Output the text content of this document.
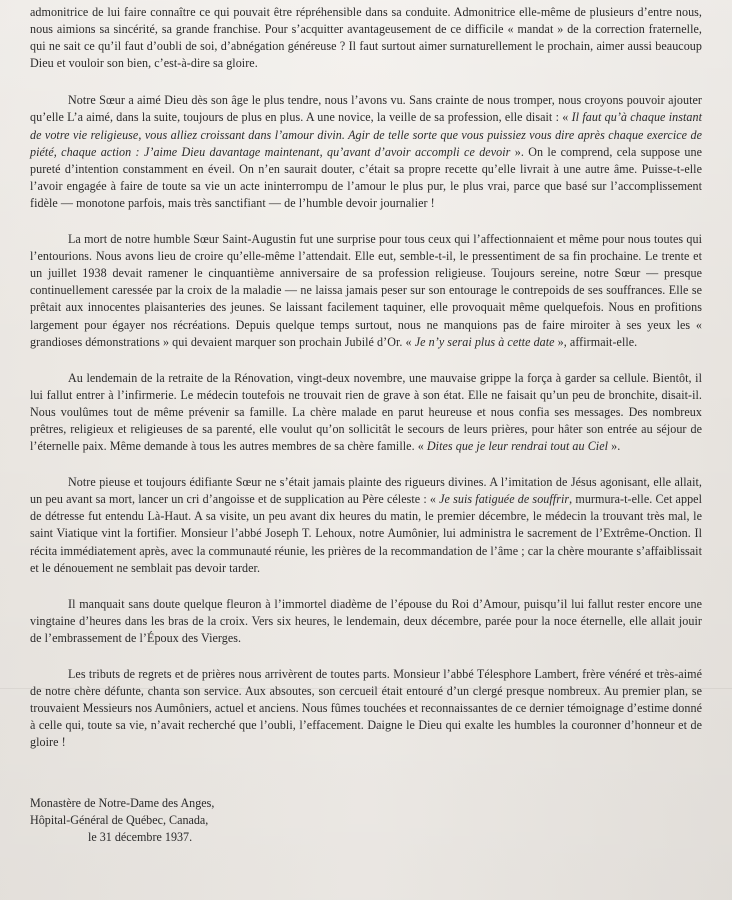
admonitrice de lui faire connaître ce qui pouvait être répréhensible dans sa conduite. Admonitrice elle-même de plusieurs d’entre nous, nous aimions sa sincérité, sa grande franchise. Pour s’acquitter avantageusement de ce difficile « mandat » de la correction fraternelle, qui ne sait ce qu’il faut d’oubli de soi, d’abnégation généreuse ? Il faut surtout aimer surnaturellement le prochain, aimer aussi beaucoup Dieu et vouloir son bien, c’est-à-dire sa gloire.

Notre Sœur a aimé Dieu dès son âge le plus tendre, nous l’avons vu. Sans crainte de nous tromper, nous croyons pouvoir ajouter qu’elle L’a aimé, dans la suite, toujours de plus en plus. A une novice, la veille de sa profession, elle disait : « Il faut qu’à chaque instant de votre vie religieuse, vous alliez croissant dans l’amour divin. Agir de telle sorte que vous puissiez vous dire après chaque exercice de piété, chaque action : J’aime Dieu davantage maintenant, qu’avant d’avoir accompli ce devoir ». On le comprend, cela suppose une pureté d’intention constamment en éveil. On n’en saurait douter, c’était sa propre recette qu’elle livrait à une autre âme. Puisse-t-elle l’avoir engagée à faire de toute sa vie un acte ininterrompu de l’amour le plus pur, le plus vrai, parce que basé sur l’accomplissement fidèle — monotone parfois, mais très sanctifiant — de l’humble devoir journalier !

La mort de notre humble Sœur Saint-Augustin fut une surprise pour tous ceux qui l’affectionnaient et même pour nous toutes qui l’entourions. Nous avons lieu de croire qu’elle-même l’attendait. Elle eut, semble-t-il, le pressentiment de sa fin prochaine. Le trente et un juillet 1938 devait ramener le cinquantième anniversaire de sa profession religieuse. Toujours sereine, notre Sœur — presque continuellement caressée par la croix de la maladie — ne laissa jamais peser sur son entourage le contrepoids de ses souffrances. Elle se prêtait aux innocentes plaisanteries des jeunes. Se laissant facilement taquiner, elle provoquait même quelquefois. Nous en profitions largement pour égayer nos récréations. Depuis quelque temps surtout, nous ne manquions pas de faire miroiter à ses yeux les « grandioses démonstrations » qui devaient marquer son prochain Jubilé d’Or. « Je n’y serai plus à cette date », affirmait-elle.

Au lendemain de la retraite de la Rénovation, vingt-deux novembre, une mauvaise grippe la força à garder sa cellule. Bientôt, il lui fallut entrer à l’infirmerie. Le médecin toutefois ne trouvait rien de grave à son état. Elle ne faisait qu’un peu de bronchite, disait-il. Nous voulûmes tout de même prévenir sa famille. La chère malade en parut heureuse et nous confia ses messages. Des nombreux prêtres, religieux et religieuses de sa parenté, elle voulut qu’on sollicitât le secours de leurs prières, pour hâter son entrée au séjour de l’éternelle paix. Même demande à tous les autres membres de sa chère famille. « Dites que je leur rendrai tout au Ciel ».

Notre pieuse et toujours édifiante Sœur ne s’était jamais plainte des rigueurs divines. A l’imitation de Jésus agonisant, elle allait, un peu avant sa mort, lancer un cri d’angoisse et de supplication au Père céleste : « Je suis fatiguée de souffrir, murmura-t-elle. Cet appel de détresse fut entendu Là-Haut. A sa visite, un peu avant dix heures du matin, le premier décembre, le médecin la trouvant très mal, le saint Viatique vint la fortifier. Monsieur l’abbé Joseph T. Lehoux, notre Aumônier, lui administra le sacrement de l’Extrême-Onction. Il récita immédiatement après, avec la communauté réunie, les prières de la recommandation de l’âme ; car la chère mourante s’affaiblissait et le dénouement ne semblait pas devoir tarder.

Il manquait sans doute quelque fleuron à l’immortel diadème de l’épouse du Roi d’Amour, puisqu’il lui fallut rester encore une vingtaine d’heures dans les bras de la croix. Vers six heures, le lendemain, deux décembre, parée pour la noce éternelle, elle allait jouir de l’embrassement de l’Époux des Vierges.

Les tributs de regrets et de prières nous arrivèrent de toutes parts. Monsieur l’abbé Télesphore Lambert, frère vénéré et très-aimé de notre chère défunte, chanta son service. Aux absoutes, son cercueil était entouré d’un clergé presque nombreux. Au premier plan, se trouvaient Messieurs nos Aumôniers, actuel et anciens. Nous fûmes touchées et reconnaissantes de ce dernier témoignage d’estime donné à celle qui, toute sa vie, n’avait recherché que l’oubli, l’effacement. Daigne le Dieu qui exalte les humbles la couronner d’honneur et de gloire !

Monastère de Notre-Dame des Anges,
Hôpital-Général de Québec, Canada,
le 31 décembre 1937.
